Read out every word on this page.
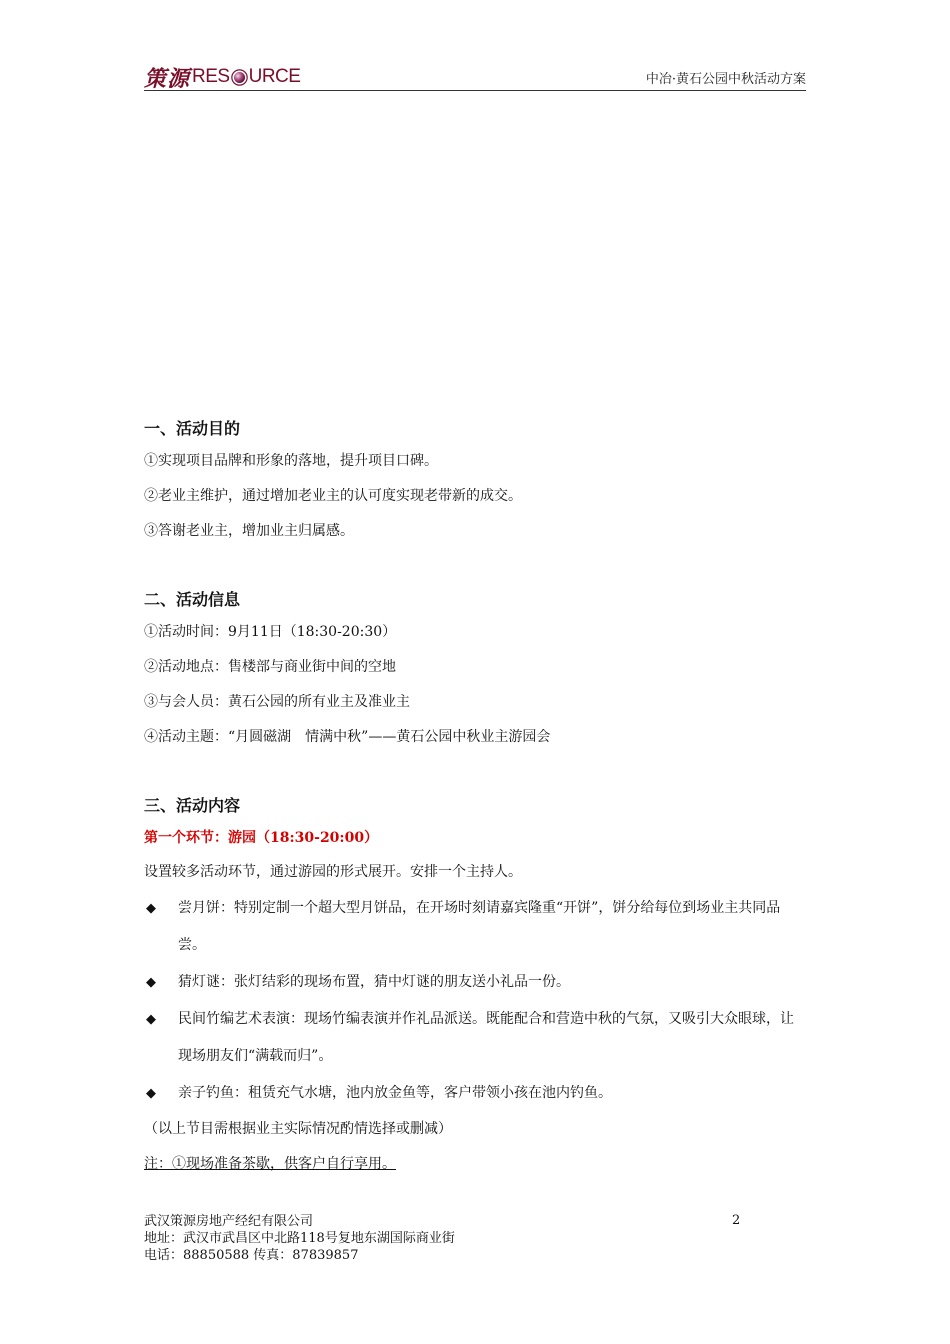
策源 RES URCE	中冶·黄石公园中秋活动方案
一、活动目的

①实现项目品牌和形象的落地，提升项目口碑。

②老业主维护，通过增加老业主的认可度实现老带新的成交。

③答谢老业主，增加业主归属感。

二、活动信息

①活动时间：9月11日（18:30-20:30）

②活动地点：售楼部与商业街中间的空地

③与会人员：黄石公园的所有业主及准业主

④活动主题：“月圆磁湖　情满中秋”——黄石公园中秋业主游园会

三、活动内容

第一个环节：游园（18:30-20:00）

设置较多活动环节，通过游园的形式展开。安排一个主持人。

◆ 尝月饼：特别定制一个超大型月饼品，在开场时刻请嘉宾隆重“开饼”，饼分给每位到场业主共同品尝。
◆ 猜灯谜：张灯结彩的现场布置，猜中灯谜的朋友送小礼品一份。
◆ 民间竹编艺术表演：现场竹编表演并作礼品派送。既能配合和营造中秋的气氛，又吸引大众眼球，让现场朋友们“满载而归”。
◆ 亲子钓鱼：租赁充气水塘，池内放金鱼等，客户带领小孩在池内钓鱼。

（以上节目需根据业主实际情况酌情选择或删减）

注：①现场准备茶歇，供客户自行享用。

武汉策源房地产经纪有限公司
地址：武汉市武昌区中北路118号复地东湖国际商业街
电话：88850588 传真：87839857
2
